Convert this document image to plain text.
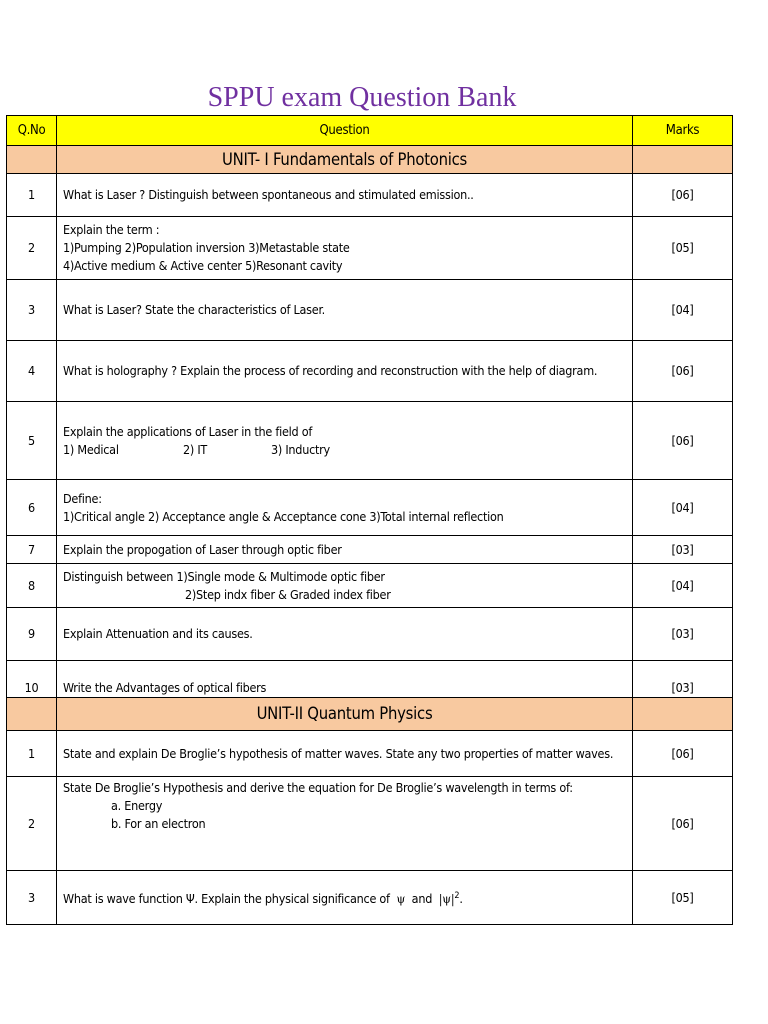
SPPU exam Question Bank
Q.No	Question	Marks
	UNIT- I Fundamentals of Photonics	
1	What is Laser ? Distinguish between spontaneous and stimulated emission..	[06]
2	Explain the term :
1)Pumping 2)Population inversion 3)Metastable state
4)Active medium & Active center 5)Resonant cavity	[05]
3	What is Laser? State the characteristics of Laser.	[04]
4	What is holography ? Explain the process of recording and reconstruction with the help of diagram.	[06]
5	Explain the applications of Laser in the field of
1) Medical 2) IT 3) Inductry	[06]
6	Define:
1)Critical angle 2) Acceptance angle & Acceptance cone 3)Total internal reflection	[04]
7	Explain the propogation of Laser through optic fiber	[03]
8	Distinguish between 1)Single mode & Multimode optic fiber
2)Step indx fiber & Graded index fiber	[04]
9	Explain Attenuation and its causes.	[03]
10	Write the Advantages of optical fibers	[03]
	UNIT-II Quantum Physics	
1	State and explain De Broglie’s hypothesis of matter waves. State any two properties of matter waves.	[06]
2	State De Broglie’s Hypothesis and derive the equation for De Broglie’s wavelength in terms of:
a. Energy
b. For an electron	[06]
3	What is wave function Ψ. Explain the physical significance of ψ and $|\psi|^2$.	[05]
